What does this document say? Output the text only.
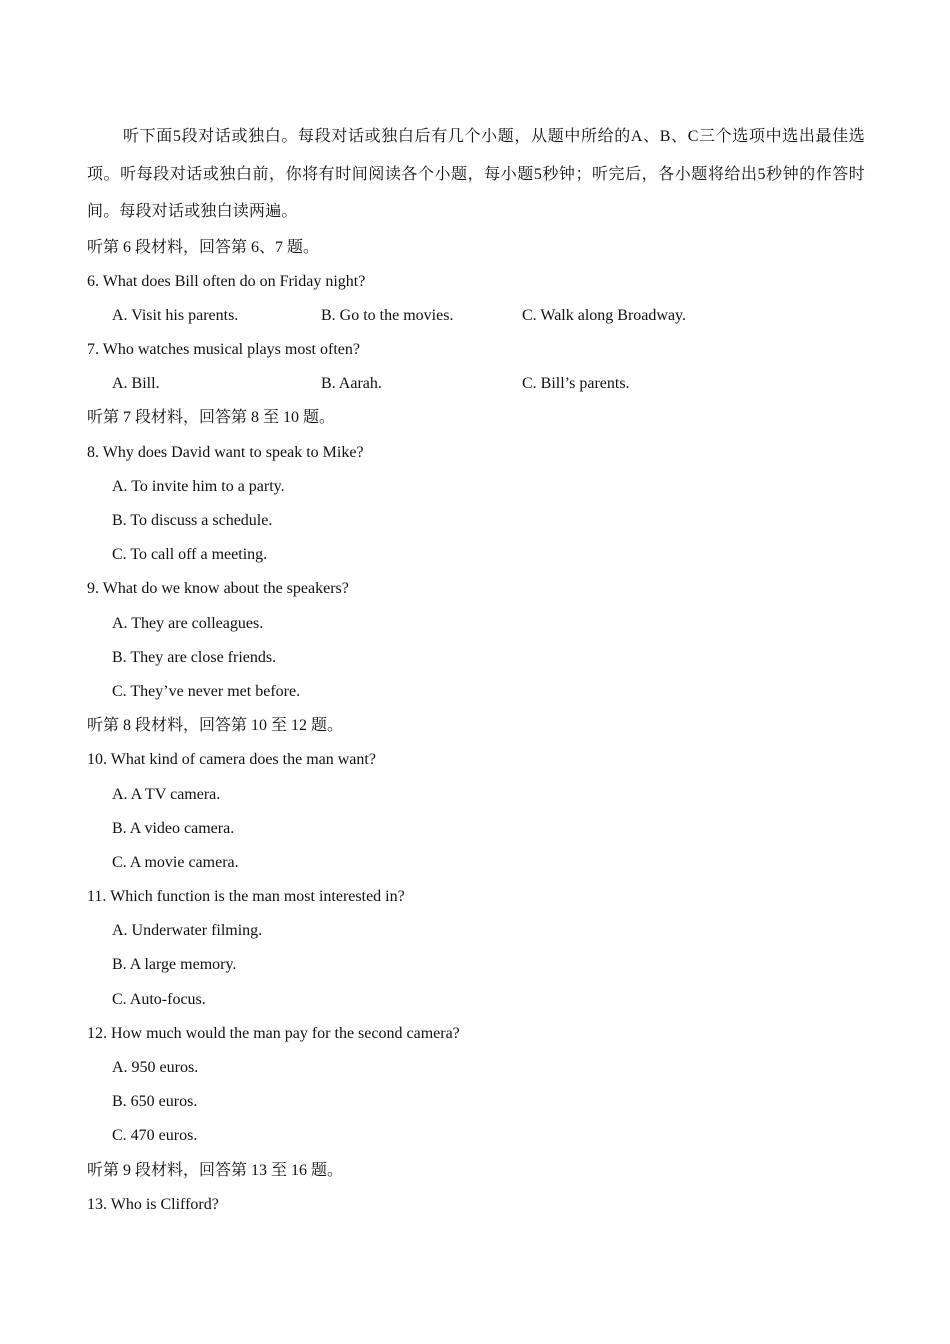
听下面5段对话或独白。每段对话或独白后有几个小题，从题中所给的A、B、C三个选项中选出最佳选项。听每段对话或独白前，你将有时间阅读各个小题，每小题5秒钟；听完后，各小题将给出5秒钟的作答时间。每段对话或独白读两遍。

听第 6 段材料，回答第 6、7 题。
6. What does Bill often do on Friday night?
A. Visit his parents.	B. Go to the movies.	C. Walk along Broadway.
7. Who watches musical plays most often?
A. Bill.	B. Aarah.	C. Bill’s parents.
听第 7 段材料，回答第 8 至 10 题。
8. Why does David want to speak to Mike?
A. To invite him to a party.
B. To discuss a schedule.
C. To call off a meeting.
9. What do we know about the speakers?
A. They are colleagues.
B. They are close friends.
C. They’ve never met before.
听第 8 段材料，回答第 10 至 12 题。
10. What kind of camera does the man want?
A. A TV camera.
B. A video camera.
C. A movie camera.
11. Which function is the man most interested in?
A. Underwater filming.
B. A large memory.
C. Auto-focus.
12. How much would the man pay for the second camera?
A. 950 euros.
B. 650 euros.
C. 470 euros.
听第 9 段材料，回答第 13 至 16 题。
13. Who is Clifford?
